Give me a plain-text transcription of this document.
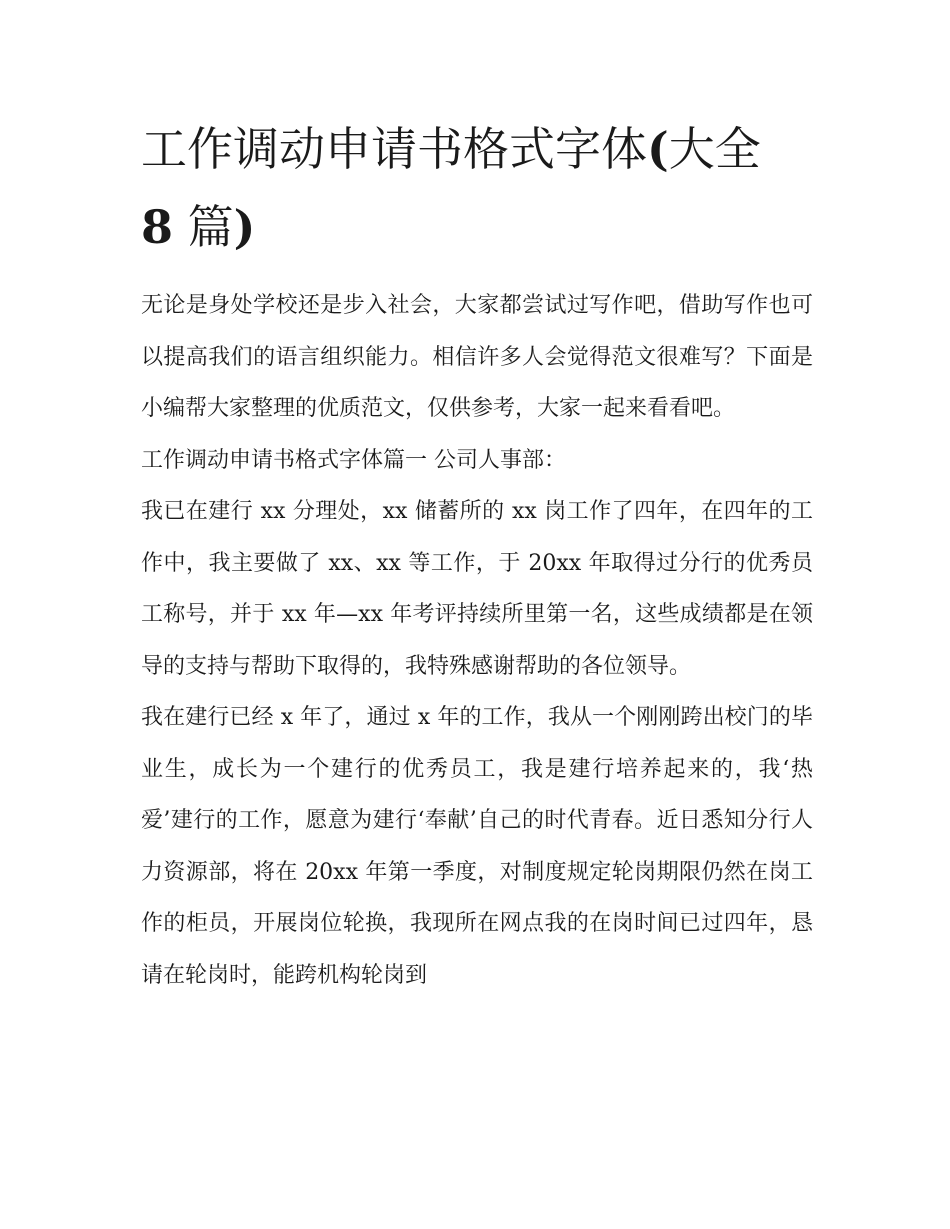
工作调动申请书格式字体(大全
8 篇)

无论是身处学校还是步入社会，大家都尝试过写作吧，借助写作也可以提高我们的语言组织能力。相信许多人会觉得范文很难写？下面是小编帮大家整理的优质范文，仅供参考，大家一起来看看吧。

工作调动申请书格式字体篇一 公司人事部：

我已在建行 xx 分理处，xx 储蓄所的 xx 岗工作了四年，在四年的工作中，我主要做了 xx、xx 等工作，于 20xx 年取得过分行的优秀员工称号，并于 xx 年—xx 年考评持续所里第一名，这些成绩都是在领导的支持与帮助下取得的，我特殊感谢帮助的各位领导。

我在建行已经 x 年了，通过 x 年的工作，我从一个刚刚跨出校门的毕业生，成长为一个建行的优秀员工，我是建行培养起来的，我‘热爱’建行的工作，愿意为建行‘奉献’自己的时代青春。近日悉知分行人力资源部，将在 20xx 年第一季度，对制度规定轮岗期限仍然在岗工作的柜员，开展岗位轮换，我现所在网点我的在岗时间已过四年，恳请在轮岗时，能跨机构轮岗到
